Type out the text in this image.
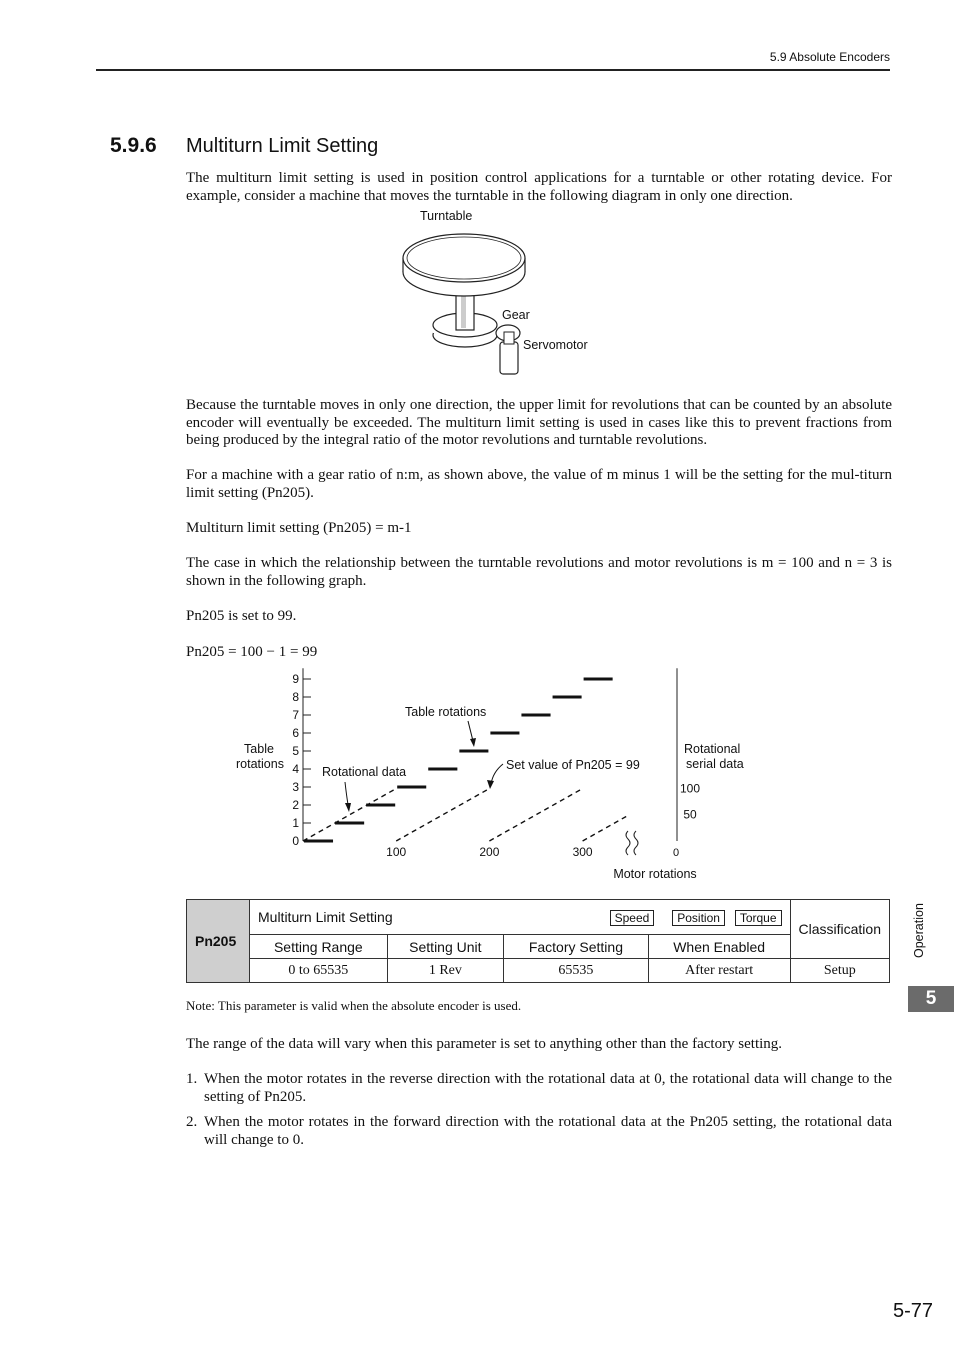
5.9 Absolute Encoders
5.9.6 Multiturn Limit Setting
The multiturn limit setting is used in position control applications for a turntable or other rotating device. For example, consider a machine that moves the turntable in the following diagram in only one direction.
Turntable
Gear
Servomotor
Because the turntable moves in only one direction, the upper limit for revolutions that can be counted by an absolute encoder will eventually be exceeded. The multiturn limit setting is used in cases like this to prevent fractions from being produced by the integral ratio of the motor revolutions and turntable revolutions.
For a machine with a gear ratio of n:m, as shown above, the value of m minus 1 will be the setting for the mul-titurn limit setting (Pn205).
Multiturn limit setting (Pn205) = m-1
The case in which the relationship between the turntable revolutions and motor revolutions is m = 100 and n = 3 is shown in the following graph.
Pn205 is set to 99.
Pn205 = 100 − 1 = 99
0
1
2
3
4
5
6
7
8
9
100	200	300	0
50
100
Table
rotations
Rotational
serial data
Motor rotations
Table rotations
Rotational data	Set value of Pn205 = 99
Pn205	Multiturn Limit Setting Speed Position Torque				Classification
	Setting Range	Setting Unit	Factory Setting	When Enabled	
	0 to 65535	1 Rev	65535	After restart	Setup
Note: This parameter is valid when the absolute encoder is used.
The range of the data will vary when this parameter is set to anything other than the factory setting.
1. When the motor rotates in the reverse direction with the rotational data at 0, the rotational data will change to the setting of Pn205.
2. When the motor rotates in the forward direction with the rotational data at the Pn205 setting, the rotational data will change to 0.
Operation
5
5-77
